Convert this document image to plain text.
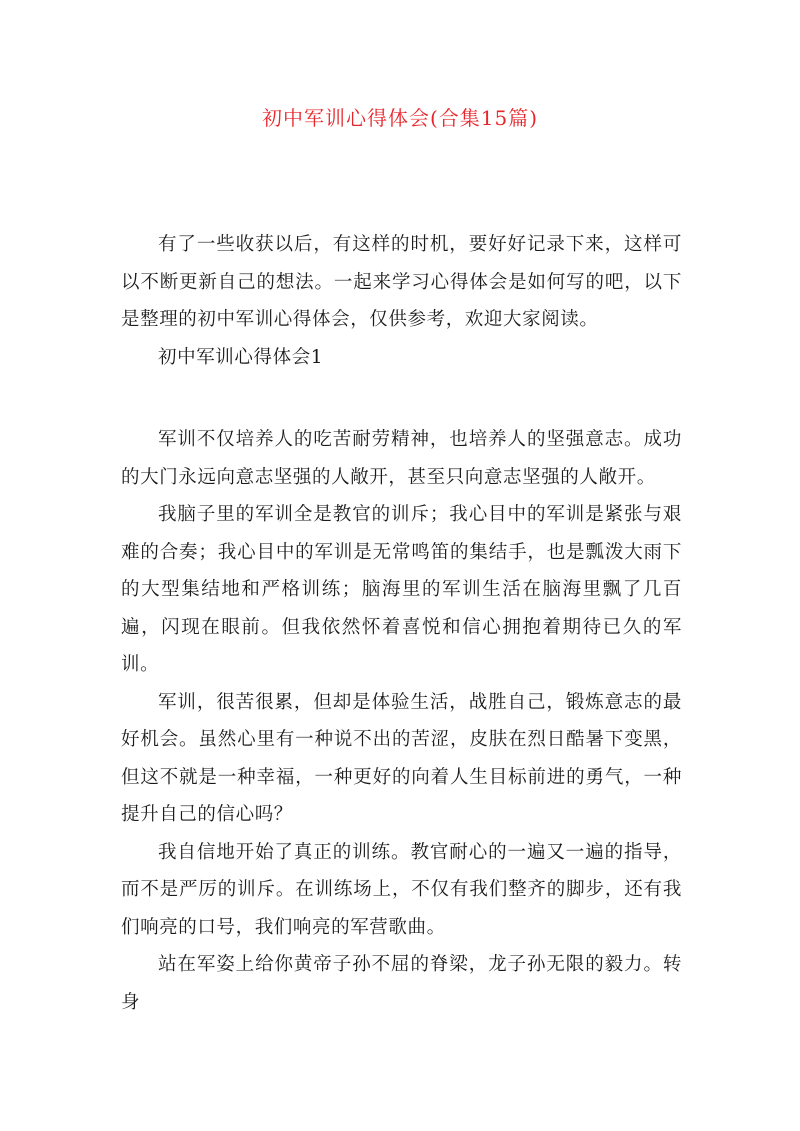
初中军训心得体会(合集15篇)

有了一些收获以后，有这样的时机，要好好记录下来，这样可以不断更新自己的想法。一起来学习心得体会是如何写的吧，以下是整理的初中军训心得体会，仅供参考，欢迎大家阅读。

初中军训心得体会1

军训不仅培养人的吃苦耐劳精神，也培养人的坚强意志。成功的大门永远向意志坚强的人敞开，甚至只向意志坚强的人敞开。

我脑子里的军训全是教官的训斥；我心目中的军训是紧张与艰难的合奏；我心目中的军训是无常鸣笛的集结手，也是瓢泼大雨下的大型集结地和严格训练；脑海里的军训生活在脑海里飘了几百遍，闪现在眼前。但我依然怀着喜悦和信心拥抱着期待已久的军训。

军训，很苦很累，但却是体验生活，战胜自己，锻炼意志的最好机会。虽然心里有一种说不出的苦涩，皮肤在烈日酷暑下变黑，但这不就是一种幸福，一种更好的向着人生目标前进的勇气，一种提升自己的信心吗？

我自信地开始了真正的训练。教官耐心的一遍又一遍的指导，而不是严厉的训斥。在训练场上，不仅有我们整齐的脚步，还有我们响亮的口号，我们响亮的军营歌曲。

站在军姿上给你黄帝子孙不屈的脊梁，龙子孙无限的毅力。转身
